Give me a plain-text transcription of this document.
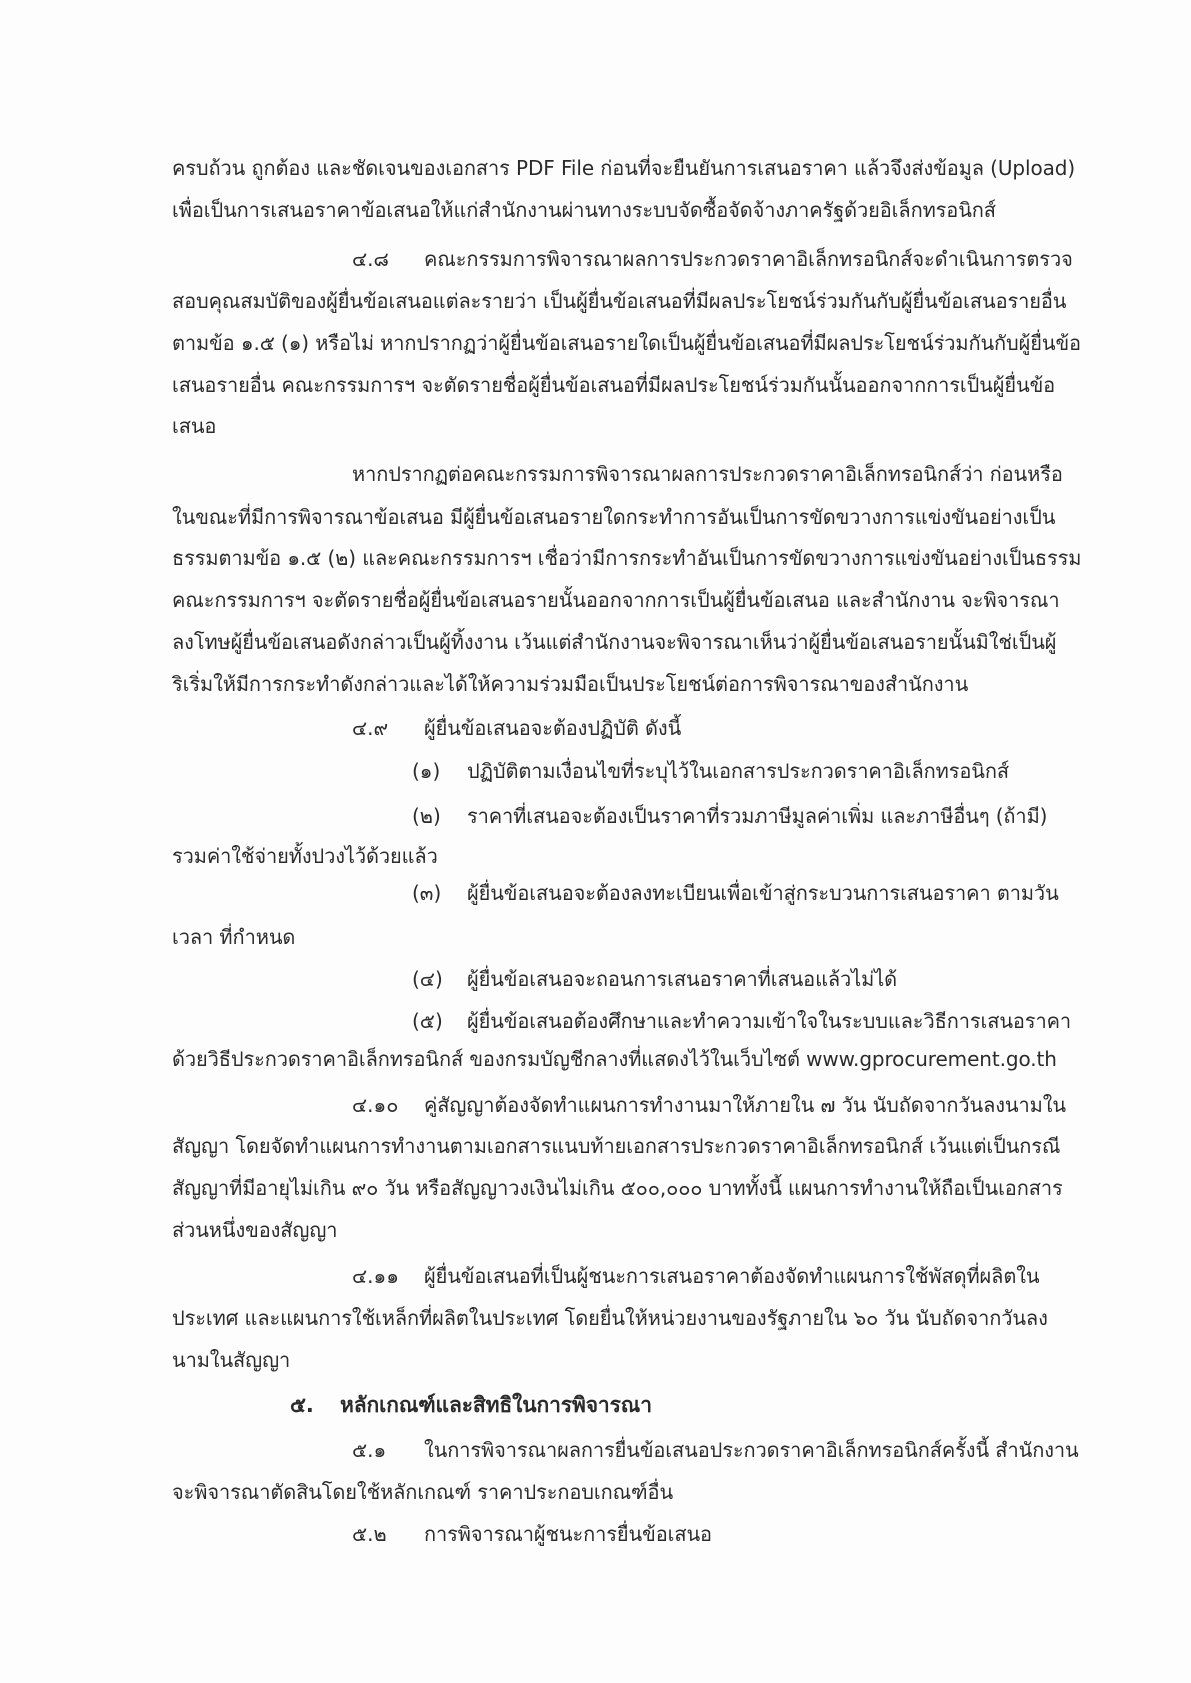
ครบถ้วน ถูกต้อง และชัดเจนของเอกสาร PDF File ก่อนที่จะยืนยันการเสนอราคา แล้วจึงส่งข้อมูล (Upload)
เพื่อเป็นการเสนอราคาข้อเสนอให้แก่สำนักงานผ่านทางระบบจัดซื้อจัดจ้างภาครัฐด้วยอิเล็กทรอนิกส์
๔.๘ คณะกรรมการพิจารณาผลการประกวดราคาอิเล็กทรอนิกส์จะดำเนินการตรวจ
สอบคุณสมบัติของผู้ยื่นข้อเสนอแต่ละรายว่า เป็นผู้ยื่นข้อเสนอที่มีผลประโยชน์ร่วมกันกับผู้ยื่นข้อเสนอรายอื่น
ตามข้อ ๑.๕ (๑) หรือไม่ หากปรากฏว่าผู้ยื่นข้อเสนอรายใดเป็นผู้ยื่นข้อเสนอที่มีผลประโยชน์ร่วมกันกับผู้ยื่นข้อ
เสนอรายอื่น คณะกรรมการฯ จะตัดรายชื่อผู้ยื่นข้อเสนอที่มีผลประโยชน์ร่วมกันนั้นออกจากการเป็นผู้ยื่นข้อ
เสนอ
หากปรากฏต่อคณะกรรมการพิจารณาผลการประกวดราคาอิเล็กทรอนิกส์ว่า ก่อนหรือ
ในขณะที่มีการพิจารณาข้อเสนอ มีผู้ยื่นข้อเสนอรายใดกระทำการอันเป็นการขัดขวางการแข่งขันอย่างเป็น
ธรรมตามข้อ ๑.๕ (๒) และคณะกรรมการฯ เชื่อว่ามีการกระทำอันเป็นการขัดขวางการแข่งขันอย่างเป็นธรรม
คณะกรรมการฯ จะตัดรายชื่อผู้ยื่นข้อเสนอรายนั้นออกจากการเป็นผู้ยื่นข้อเสนอ และสำนักงาน จะพิจารณา
ลงโทษผู้ยื่นข้อเสนอดังกล่าวเป็นผู้ทิ้งงาน เว้นแต่สำนักงานจะพิจารณาเห็นว่าผู้ยื่นข้อเสนอรายนั้นมิใช่เป็นผู้
ริเริ่มให้มีการกระทำดังกล่าวและได้ให้ความร่วมมือเป็นประโยชน์ต่อการพิจารณาของสำนักงาน
๔.๙ ผู้ยื่นข้อเสนอจะต้องปฏิบัติ ดังนี้
(๑) ปฏิบัติตามเงื่อนไขที่ระบุไว้ในเอกสารประกวดราคาอิเล็กทรอนิกส์
(๒) ราคาที่เสนอจะต้องเป็นราคาที่รวมภาษีมูลค่าเพิ่ม และภาษีอื่นๆ (ถ้ามี)
รวมค่าใช้จ่ายทั้งปวงไว้ด้วยแล้ว
(๓) ผู้ยื่นข้อเสนอจะต้องลงทะเบียนเพื่อเข้าสู่กระบวนการเสนอราคา ตามวัน
เวลา ที่กำหนด
(๔) ผู้ยื่นข้อเสนอจะถอนการเสนอราคาที่เสนอแล้วไม่ได้
(๕) ผู้ยื่นข้อเสนอต้องศึกษาและทำความเข้าใจในระบบและวิธีการเสนอราคา
ด้วยวิธีประกวดราคาอิเล็กทรอนิกส์ ของกรมบัญชีกลางที่แสดงไว้ในเว็บไซต์ www.gprocurement.go.th
๔.๑๐ คู่สัญญาต้องจัดทำแผนการทำงานมาให้ภายใน ๗ วัน นับถัดจากวันลงนามใน
สัญญา โดยจัดทำแผนการทำงานตามเอกสารแนบท้ายเอกสารประกวดราคาอิเล็กทรอนิกส์ เว้นแต่เป็นกรณี
สัญญาที่มีอายุไม่เกิน ๙๐ วัน หรือสัญญาวงเงินไม่เกิน ๕๐๐,๐๐๐ บาททั้งนี้ แผนการทำงานให้ถือเป็นเอกสาร
ส่วนหนึ่งของสัญญา
๔.๑๑ ผู้ยื่นข้อเสนอที่เป็นผู้ชนะการเสนอราคาต้องจัดทำแผนการใช้พัสดุที่ผลิตใน
ประเทศ และแผนการใช้เหล็กที่ผลิตในประเทศ โดยยื่นให้หน่วยงานของรัฐภายใน ๖๐ วัน นับถัดจากวันลง
นามในสัญญา
๕. หลักเกณฑ์และสิทธิในการพิจารณา
๕.๑ ในการพิจารณาผลการยื่นข้อเสนอประกวดราคาอิเล็กทรอนิกส์ครั้งนี้ สำนักงาน
จะพิจารณาตัดสินโดยใช้หลักเกณฑ์ ราคาประกอบเกณฑ์อื่น
๕.๒ การพิจารณาผู้ชนะการยื่นข้อเสนอ
